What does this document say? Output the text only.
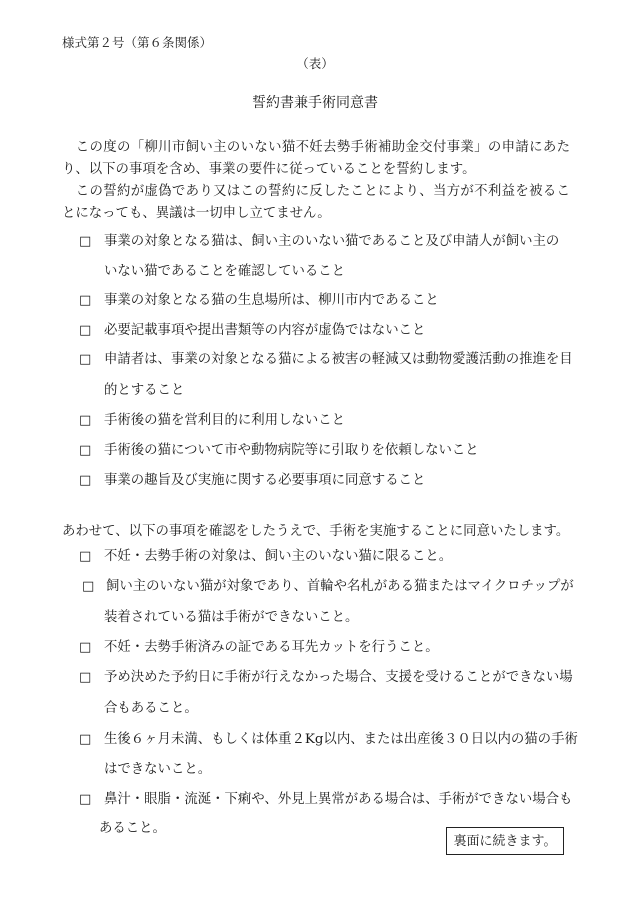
様式第２号（第６条関係）
（表）
誓約書兼手術同意書
　この度の「柳川市飼い主のいない猫不妊去勢手術補助金交付事業」の申請にあたり、以下の事項を含め、事業の要件に従っていることを誓約します。
　この誓約が虚偽であり又はこの誓約に反したことにより、当方が不利益を被ることになっても、異議は一切申し立てません。
□ 事業の対象となる猫は、飼い主のいない猫であること及び申請人が飼い主の
いない猫であることを確認していること
□ 事業の対象となる猫の生息場所は、柳川市内であること
□ 必要記載事項や提出書類等の内容が虚偽ではないこと
□ 申請者は、事業の対象となる猫による被害の軽減又は動物愛護活動の推進を目
的とすること
□ 手術後の猫を営利目的に利用しないこと
□ 手術後の猫について市や動物病院等に引取りを依頼しないこと
□ 事業の趣旨及び実施に関する必要事項に同意すること
あわせて、以下の事項を確認をしたうえで、手術を実施することに同意いたします。
□ 不妊・去勢手術の対象は、飼い主のいない猫に限ること。
□ 飼い主のいない猫が対象であり、首輪や名札がある猫またはマイクロチップが
装着されている猫は手術ができないこと。
□ 不妊・去勢手術済みの証である耳先カットを行うこと。
□ 予め決めた予約日に手術が行えなかった場合、支援を受けることができない場
合もあること。
□ 生後６ヶ月未満、もしくは体重２Kg以内、または出産後３０日以内の猫の手術
はできないこと。
□ 鼻汁・眼脂・流涎・下痢や、外見上異常がある場合は、手術ができない場合も
あること。
裏面に続きます。
